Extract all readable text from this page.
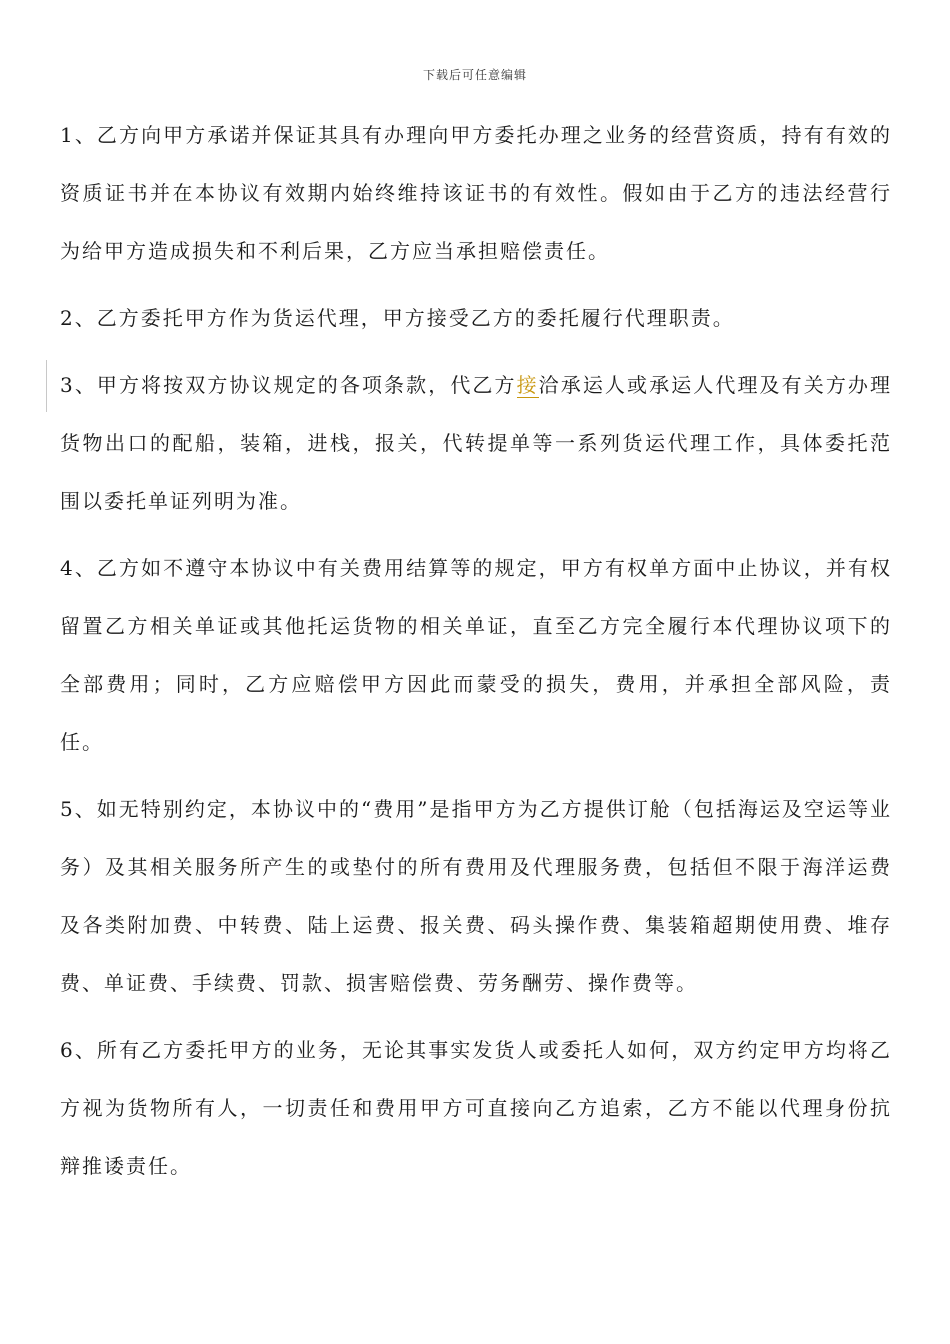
下载后可任意编辑

1、乙方向甲方承诺并保证其具有办理向甲方委托办理之业务的经营资质，持有有效的资质证书并在本协议有效期内始终维持该证书的有效性。假如由于乙方的违法经营行为给甲方造成损失和不利后果，乙方应当承担赔偿责任。

2、乙方委托甲方作为货运代理，甲方接受乙方的委托履行代理职责。

3、甲方将按双方协议规定的各项条款，代乙方接洽承运人或承运人代理及有关方办理货物出口的配船，装箱，进栈，报关，代转提单等一系列货运代理工作，具体委托范围以委托单证列明为准。

4、乙方如不遵守本协议中有关费用结算等的规定，甲方有权单方面中止协议，并有权留置乙方相关单证或其他托运货物的相关单证，直至乙方完全履行本代理协议项下的全部费用；同时，乙方应赔偿甲方因此而蒙受的损失，费用，并承担全部风险，责任。

5、如无特别约定，本协议中的“费用”是指甲方为乙方提供订舱（包括海运及空运等业务）及其相关服务所产生的或垫付的所有费用及代理服务费，包括但不限于海洋运费及各类附加费、中转费、陆上运费、报关费、码头操作费、集装箱超期使用费、堆存费、单证费、手续费、罚款、损害赔偿费、劳务酬劳、操作费等。

6、所有乙方委托甲方的业务，无论其事实发货人或委托人如何，双方约定甲方均将乙方视为货物所有人，一切责任和费用甲方可直接向乙方追索，乙方不能以代理身份抗辩推诿责任。
